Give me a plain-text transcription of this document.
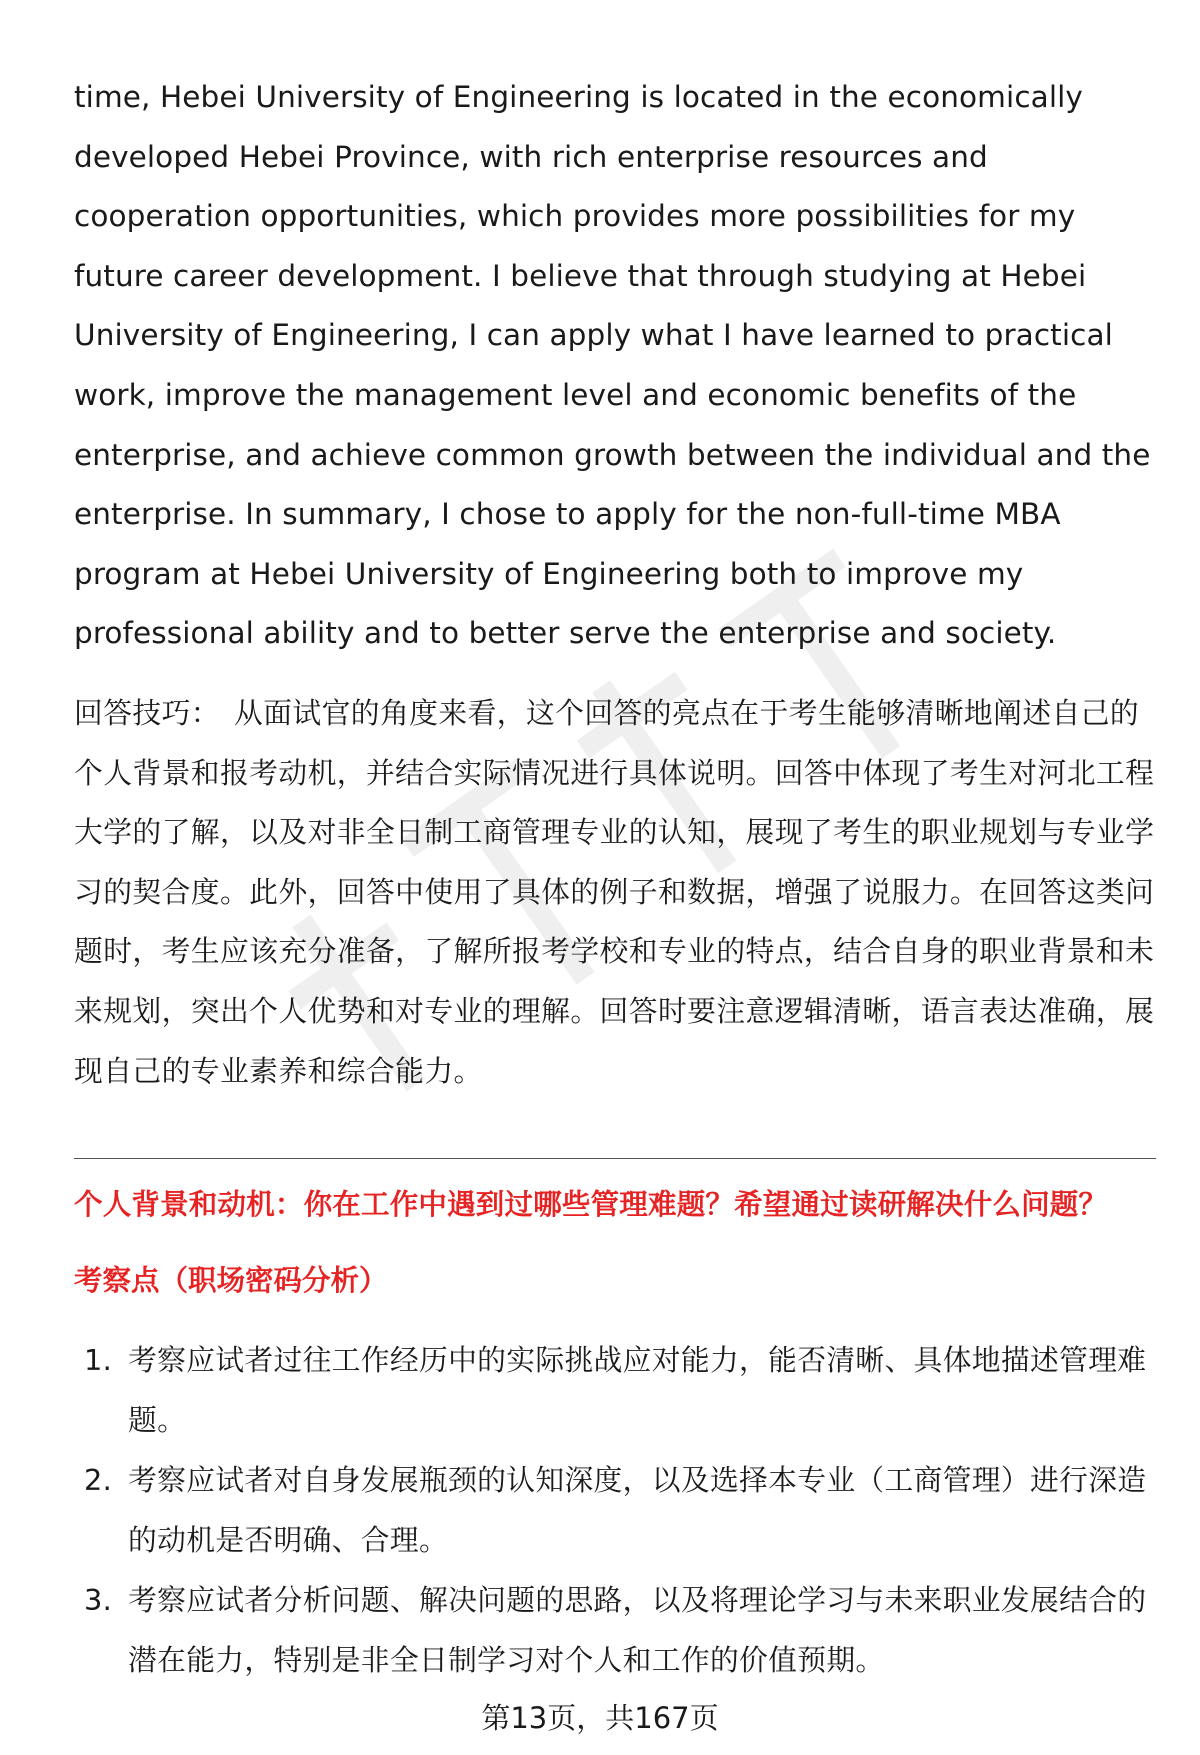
time, Hebei University of Engineering is located in the economically developed Hebei Province, with rich enterprise resources and cooperation opportunities, which provides more possibilities for my future career development. I believe that through studying at Hebei University of Engineering, I can apply what I have learned to practical work, improve the management level and economic benefits of the enterprise, and achieve common growth between the individual and the enterprise. In summary, I chose to apply for the non-full-time MBA program at Hebei University of Engineering both to improve my professional ability and to better serve the enterprise and society.

回答技巧： 从面试官的角度来看，这个回答的亮点在于考生能够清晰地阐述自己的个人背景和报考动机，并结合实际情况进行具体说明。回答中体现了考生对河北工程大学的了解，以及对非全日制工商管理专业的认知，展现了考生的职业规划与专业学习的契合度。此外，回答中使用了具体的例子和数据，增强了说服力。在回答这类问题时，考生应该充分准备，了解所报考学校和专业的特点，结合自身的职业背景和未来规划，突出个人优势和对专业的理解。回答时要注意逻辑清晰，语言表达准确，展现自己的专业素养和综合能力。

个人背景和动机：你在工作中遇到过哪些管理难题？希望通过读研解决什么问题？

考察点（职场密码分析）

1. 考察应试者过往工作经历中的实际挑战应对能力，能否清晰、具体地描述管理难题。
2. 考察应试者对自身发展瓶颈的认知深度，以及选择本专业（工商管理）进行深造的动机是否明确、合理。
3. 考察应试者分析问题、解决问题的思路，以及将理论学习与未来职业发展结合的潜在能力，特别是非全日制学习对个人和工作的价值预期。
第13页，共167页
